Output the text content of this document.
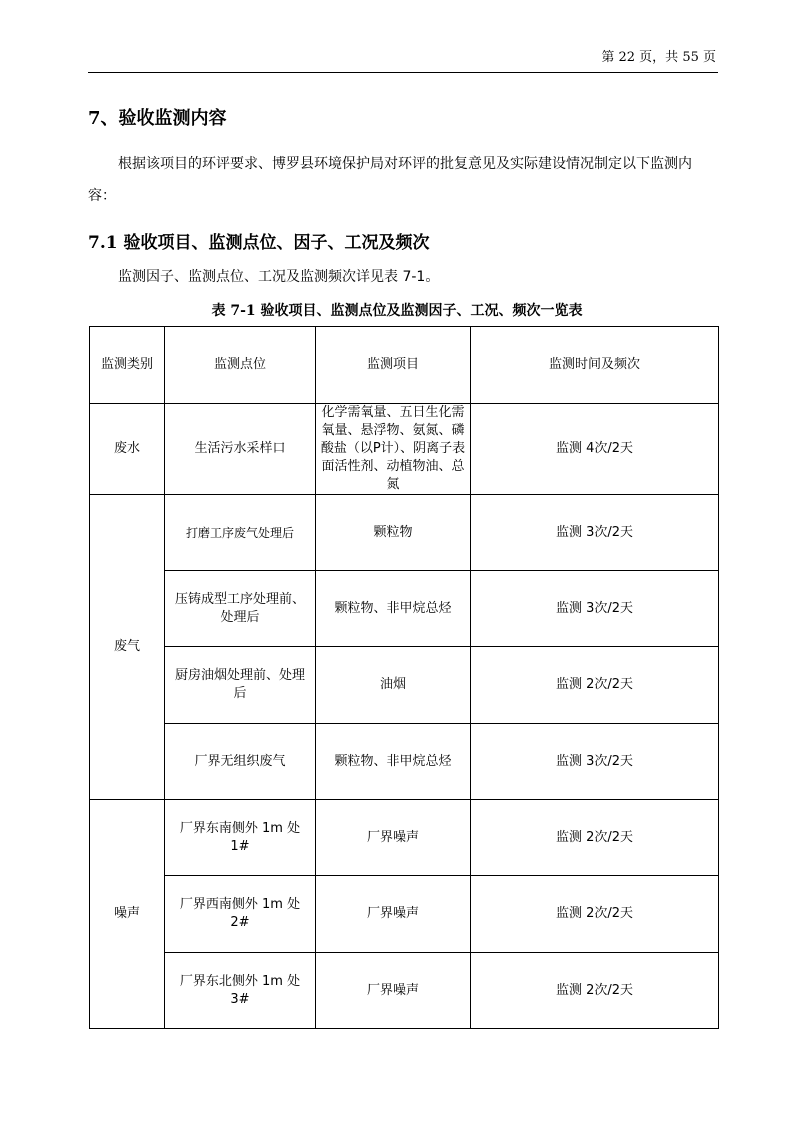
第 22 页，共 55 页
7、验收监测内容
根据该项目的环评要求、博罗县环境保护局对环评的批复意见及实际建设情况制定以下监测内容：
7.1 验收项目、监测点位、因子、工况及频次
监测因子、监测点位、工况及监测频次详见表 7-1。
表 7-1 验收项目、监测点位及监测因子、工况、频次一览表
监测类别	监测点位	监测项目	监测时间及频次
废水	生活污水采样口	化学需氧量、五日生化需氧量、悬浮物、氨氮、磷酸盐（以P计）、阴离子表面活性剂、动植物油、总氮	监测 4次/2天
废气	打磨工序废气处理后	颗粒物	监测 3次/2天
	压铸成型工序处理前、处理后	颗粒物、非甲烷总烃	监测 3次/2天
	厨房油烟处理前、处理后	油烟	监测 2次/2天
	厂界无组织废气	颗粒物、非甲烷总烃	监测 3次/2天
噪声	厂界东南侧外 1m 处 1#	厂界噪声	监测 2次/2天
	厂界西南侧外 1m 处 2#	厂界噪声	监测 2次/2天
	厂界东北侧外 1m 处 3#	厂界噪声	监测 2次/2天
